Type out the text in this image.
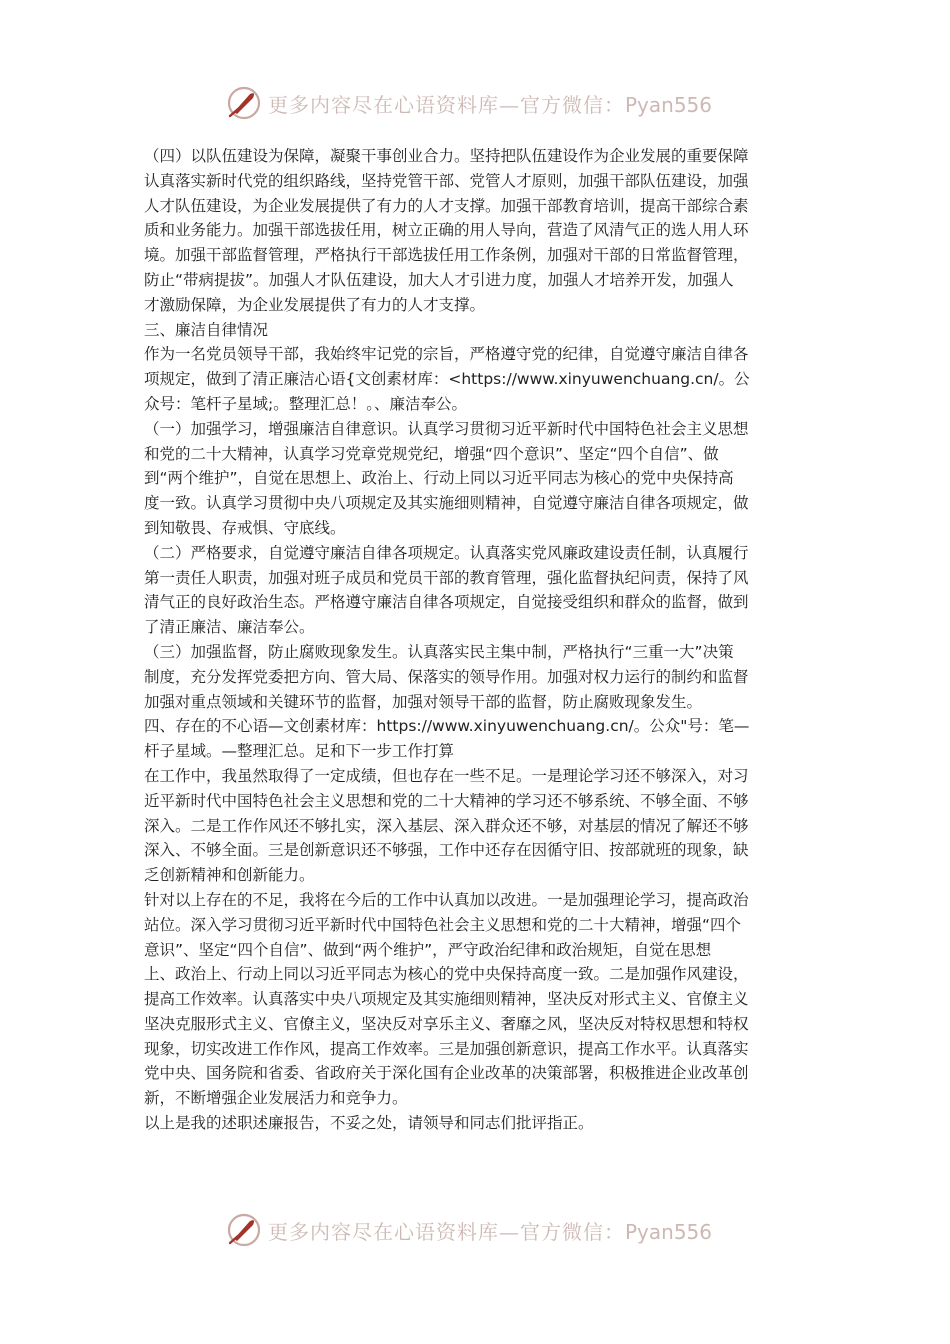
更多内容尽在心语资料库—官方微信：Pyan556
（四）以队伍建设为保障，凝聚干事创业合力。坚持把队伍建设作为企业发展的重要保障
认真落实新时代党的组织路线，坚持党管干部、党管人才原则，加强干部队伍建设，加强
人才队伍建设，为企业发展提供了有力的人才支撑。加强干部教育培训，提高干部综合素
质和业务能力。加强干部选拔任用，树立正确的用人导向，营造了风清气正的选人用人环
境。加强干部监督管理，严格执行干部选拔任用工作条例，加强对干部的日常监督管理，
防止“带病提拔”。加强人才队伍建设，加大人才引进力度，加强人才培养开发，加强人
才激励保障，为企业发展提供了有力的人才支撑。
三、廉洁自律情况
作为一名党员领导干部，我始终牢记党的宗旨，严格遵守党的纪律，自觉遵守廉洁自律各
项规定，做到了清正廉洁心语{文创素材库：<https://www.xinyuwenchuang.cn/。公
众号：笔杆子星域;。整理汇总！。、廉洁奉公。
（一）加强学习，增强廉洁自律意识。认真学习贯彻习近平新时代中国特色社会主义思想
和党的二十大精神，认真学习党章党规党纪，增强“四个意识”、坚定“四个自信”、做
到“两个维护”，自觉在思想上、政治上、行动上同以习近平同志为核心的党中央保持高
度一致。认真学习贯彻中央八项规定及其实施细则精神，自觉遵守廉洁自律各项规定，做
到知敬畏、存戒惧、守底线。
（二）严格要求，自觉遵守廉洁自律各项规定。认真落实党风廉政建设责任制，认真履行
第一责任人职责，加强对班子成员和党员干部的教育管理，强化监督执纪问责，保持了风
清气正的良好政治生态。严格遵守廉洁自律各项规定，自觉接受组织和群众的监督，做到
了清正廉洁、廉洁奉公。
（三）加强监督，防止腐败现象发生。认真落实民主集中制，严格执行“三重一大”决策
制度，充分发挥党委把方向、管大局、保落实的领导作用。加强对权力运行的制约和监督
加强对重点领域和关键环节的监督，加强对领导干部的监督，防止腐败现象发生。
四、存在的不心语—文创素材库：https://www.xinyuwenchuang.cn/。公众"号：笔—
杆子星域。—整理汇总。足和下一步工作打算
在工作中，我虽然取得了一定成绩，但也存在一些不足。一是理论学习还不够深入，对习
近平新时代中国特色社会主义思想和党的二十大精神的学习还不够系统、不够全面、不够
深入。二是工作作风还不够扎实，深入基层、深入群众还不够，对基层的情况了解还不够
深入、不够全面。三是创新意识还不够强，工作中还存在因循守旧、按部就班的现象，缺
乏创新精神和创新能力。
针对以上存在的不足，我将在今后的工作中认真加以改进。一是加强理论学习，提高政治
站位。深入学习贯彻习近平新时代中国特色社会主义思想和党的二十大精神，增强“四个
意识”、坚定“四个自信”、做到“两个维护”，严守政治纪律和政治规矩，自觉在思想
上、政治上、行动上同以习近平同志为核心的党中央保持高度一致。二是加强作风建设，
提高工作效率。认真落实中央八项规定及其实施细则精神，坚决反对形式主义、官僚主义
坚决克服形式主义、官僚主义，坚决反对享乐主义、奢靡之风，坚决反对特权思想和特权
现象，切实改进工作作风，提高工作效率。三是加强创新意识，提高工作水平。认真落实
党中央、国务院和省委、省政府关于深化国有企业改革的决策部署，积极推进企业改革创
新，不断增强企业发展活力和竞争力。
以上是我的述职述廉报告，不妥之处，请领导和同志们批评指正。
更多内容尽在心语资料库—官方微信：Pyan556
